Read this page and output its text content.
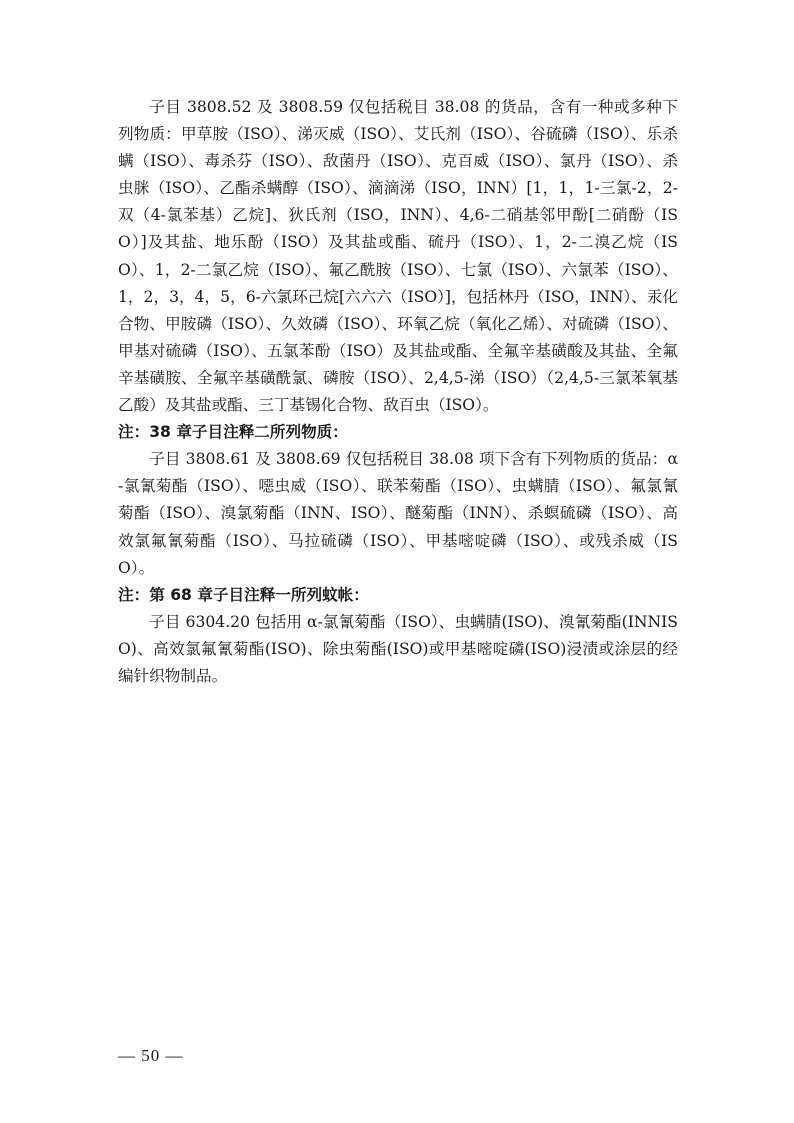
子目 3808.52 及 3808.59 仅包括税目 38.08 的货品，含有一种或多种下列物质：甲草胺（ISO）、涕灭威（ISO）、艾氏剂（ISO）、谷硫磷（ISO）、乐杀螨（ISO）、毒杀芬（ISO）、敌菌丹（ISO）、克百威（ISO）、氯丹（ISO）、杀虫脒（ISO）、乙酯杀螨醇（ISO）、滴滴涕（ISO，INN）[1，1，1-三氯-2，2-双（4-氯苯基）乙烷]、狄氏剂（ISO，INN）、4,6-二硝基邻甲酚[二硝酚（ISO）]及其盐、地乐酚（ISO）及其盐或酯、硫丹（ISO）、1，2-二溴乙烷（ISO）、1，2-二氯乙烷（ISO）、氟乙酰胺（ISO）、七氯（ISO）、六氯苯（ISO）、1，2，3，4，5，6-六氯环己烷[六六六（ISO）]，包括林丹（ISO，INN）、汞化合物、甲胺磷（ISO）、久效磷（ISO）、环氧乙烷（氧化乙烯）、对硫磷（ISO）、甲基对硫磷（ISO）、五氯苯酚（ISO）及其盐或酯、全氟辛基磺酸及其盐、全氟辛基磺胺、全氟辛基磺酰氯、磷胺（ISO）、2,4,5-涕（ISO）（2,4,5-三氯苯氧基乙酸）及其盐或酯、三丁基锡化合物、敌百虫（ISO）。

注：38 章子目注释二所列物质：

子目 3808.61 及 3808.69 仅包括税目 38.08 项下含有下列物质的货品：α-氯氰菊酯（ISO）、噁虫威（ISO）、联苯菊酯（ISO）、虫螨腈（ISO）、氟氯氰菊酯（ISO）、溴氯菊酯（INN、ISO）、醚菊酯（INN）、杀螟硫磷（ISO）、高效氯氟氰菊酯（ISO）、马拉硫磷（ISO）、甲基嘧啶磷（ISO）、或残杀威（ISO）。

注：第 68 章子目注释一所列蚊帐：

子目 6304.20 包括用 α-氯氰菊酯（ISO）、虫螨腈(ISO)、溴氰菊酯(INNISO)、高效氯氟氰菊酯(ISO)、除虫菊酯(ISO)或甲基嘧啶磷(ISO)浸渍或涂层的经编针织物制品。

— 50 —
